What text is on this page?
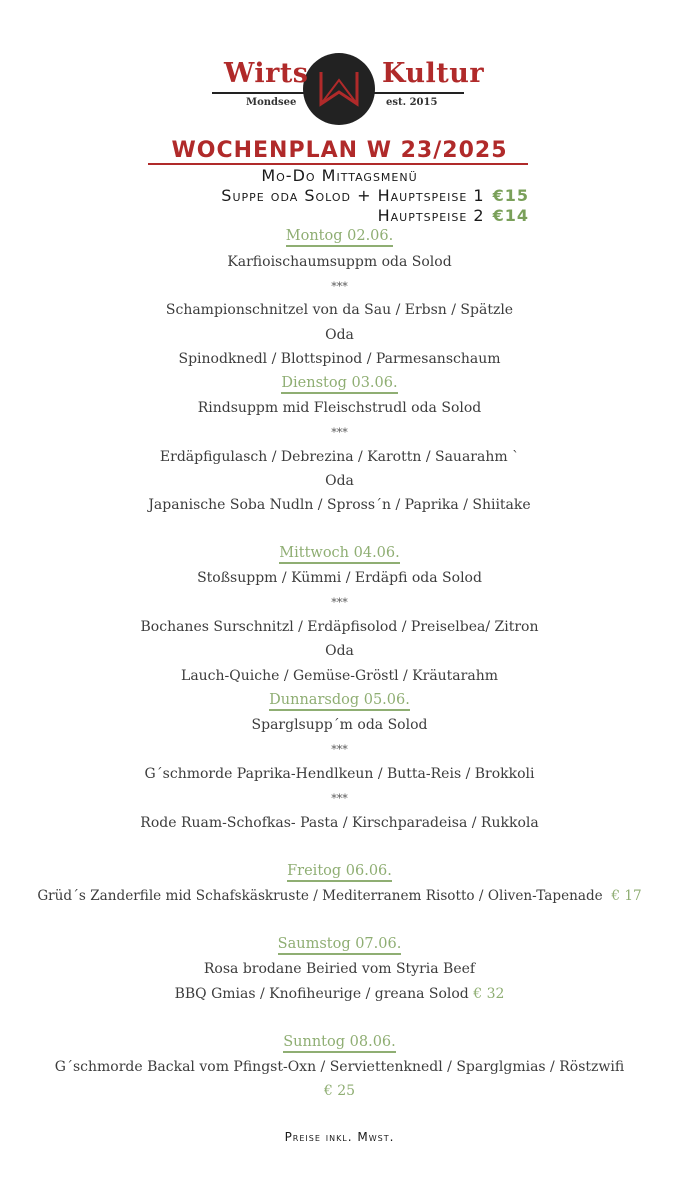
Wirts	Kultur
Mondsee	est. 2015
WOCHENPLAN W 23/2025
Mo-Do Mittagsmenü
Suppe oda Solod + Hauptspeise 1 €15
Hauptspeise 2 €14
Montog 02.06.
Karfioischaumsuppm oda Solod
***
Schampionschnitzel von da Sau / Erbsn / Spätzle
Oda
Spinodknedl / Blottspinod / Parmesanschaum
Dienstog 03.06.
Rindsuppm mid Fleischstrudl oda Solod
***
Erdäpfigulasch / Debrezina / Karottn / Sauarahm `
Oda
Japanische Soba Nudln / Spross´n / Paprika / Shiitake
Mittwoch 04.06.
Stoßsuppm / Kümmi / Erdäpfi oda Solod
***
Bochanes Surschnitzl / Erdäpfisolod / Preiselbea/ Zitron
Oda
Lauch-Quiche / Gemüse-Gröstl / Kräutarahm
Dunnarsdog 05.06.
Sparglsupp´m oda Solod
***
G´schmorde Paprika-Hendlkeun / Butta-Reis / Brokkoli
***
Rode Ruam-Schofkas- Pasta / Kirschparadeisa / Rukkola
Freitog 06.06.
Grüd´s Zanderfile mid Schafskäskruste / Mediterranem Risotto / Oliven-Tapenade € 17
Saumstog 07.06.
Rosa brodane Beiried vom Styria Beef
BBQ Gmias / Knofiheurige / greana Solod € 32
Sunntog 08.06.
G´schmorde Backal vom Pfingst-Oxn / Serviettenknedl / Sparglgmias / Röstzwifi
€ 25
Preise inkl. Mwst.
